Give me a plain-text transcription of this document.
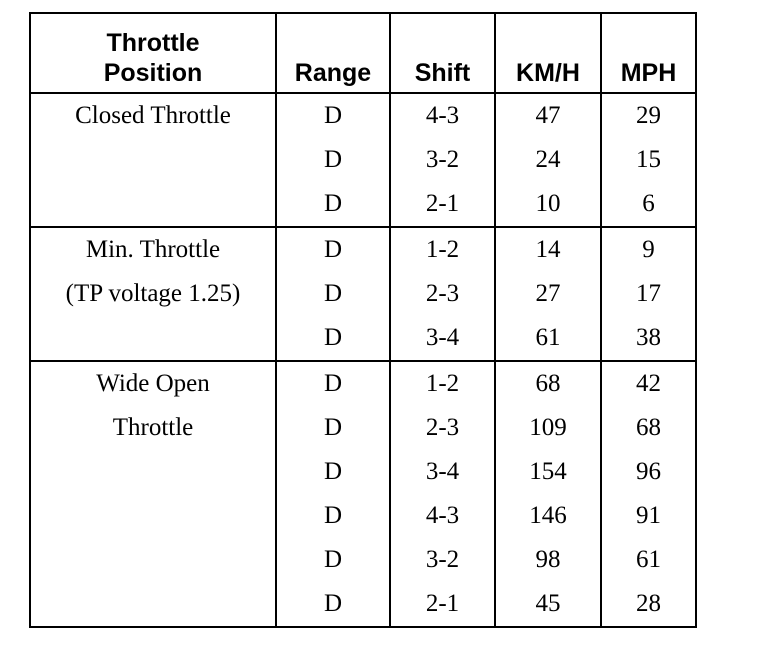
Throttle
Position	Range	Shift	KM/H	MPH

Closed Throttle	D	4-3	47	29
	D	3-2	24	15
	D	2-1	10	6

Min. Throttle
(TP voltage 1.25)	D	1-2	14	9
	D	2-3	27	17
	D	3-4	61	38

Wide Open
Throttle	D	1-2	68	42
	D	2-3	109	68
	D	3-4	154	96
	D	4-3	146	91
	D	3-2	98	61
	D	2-1	45	28
